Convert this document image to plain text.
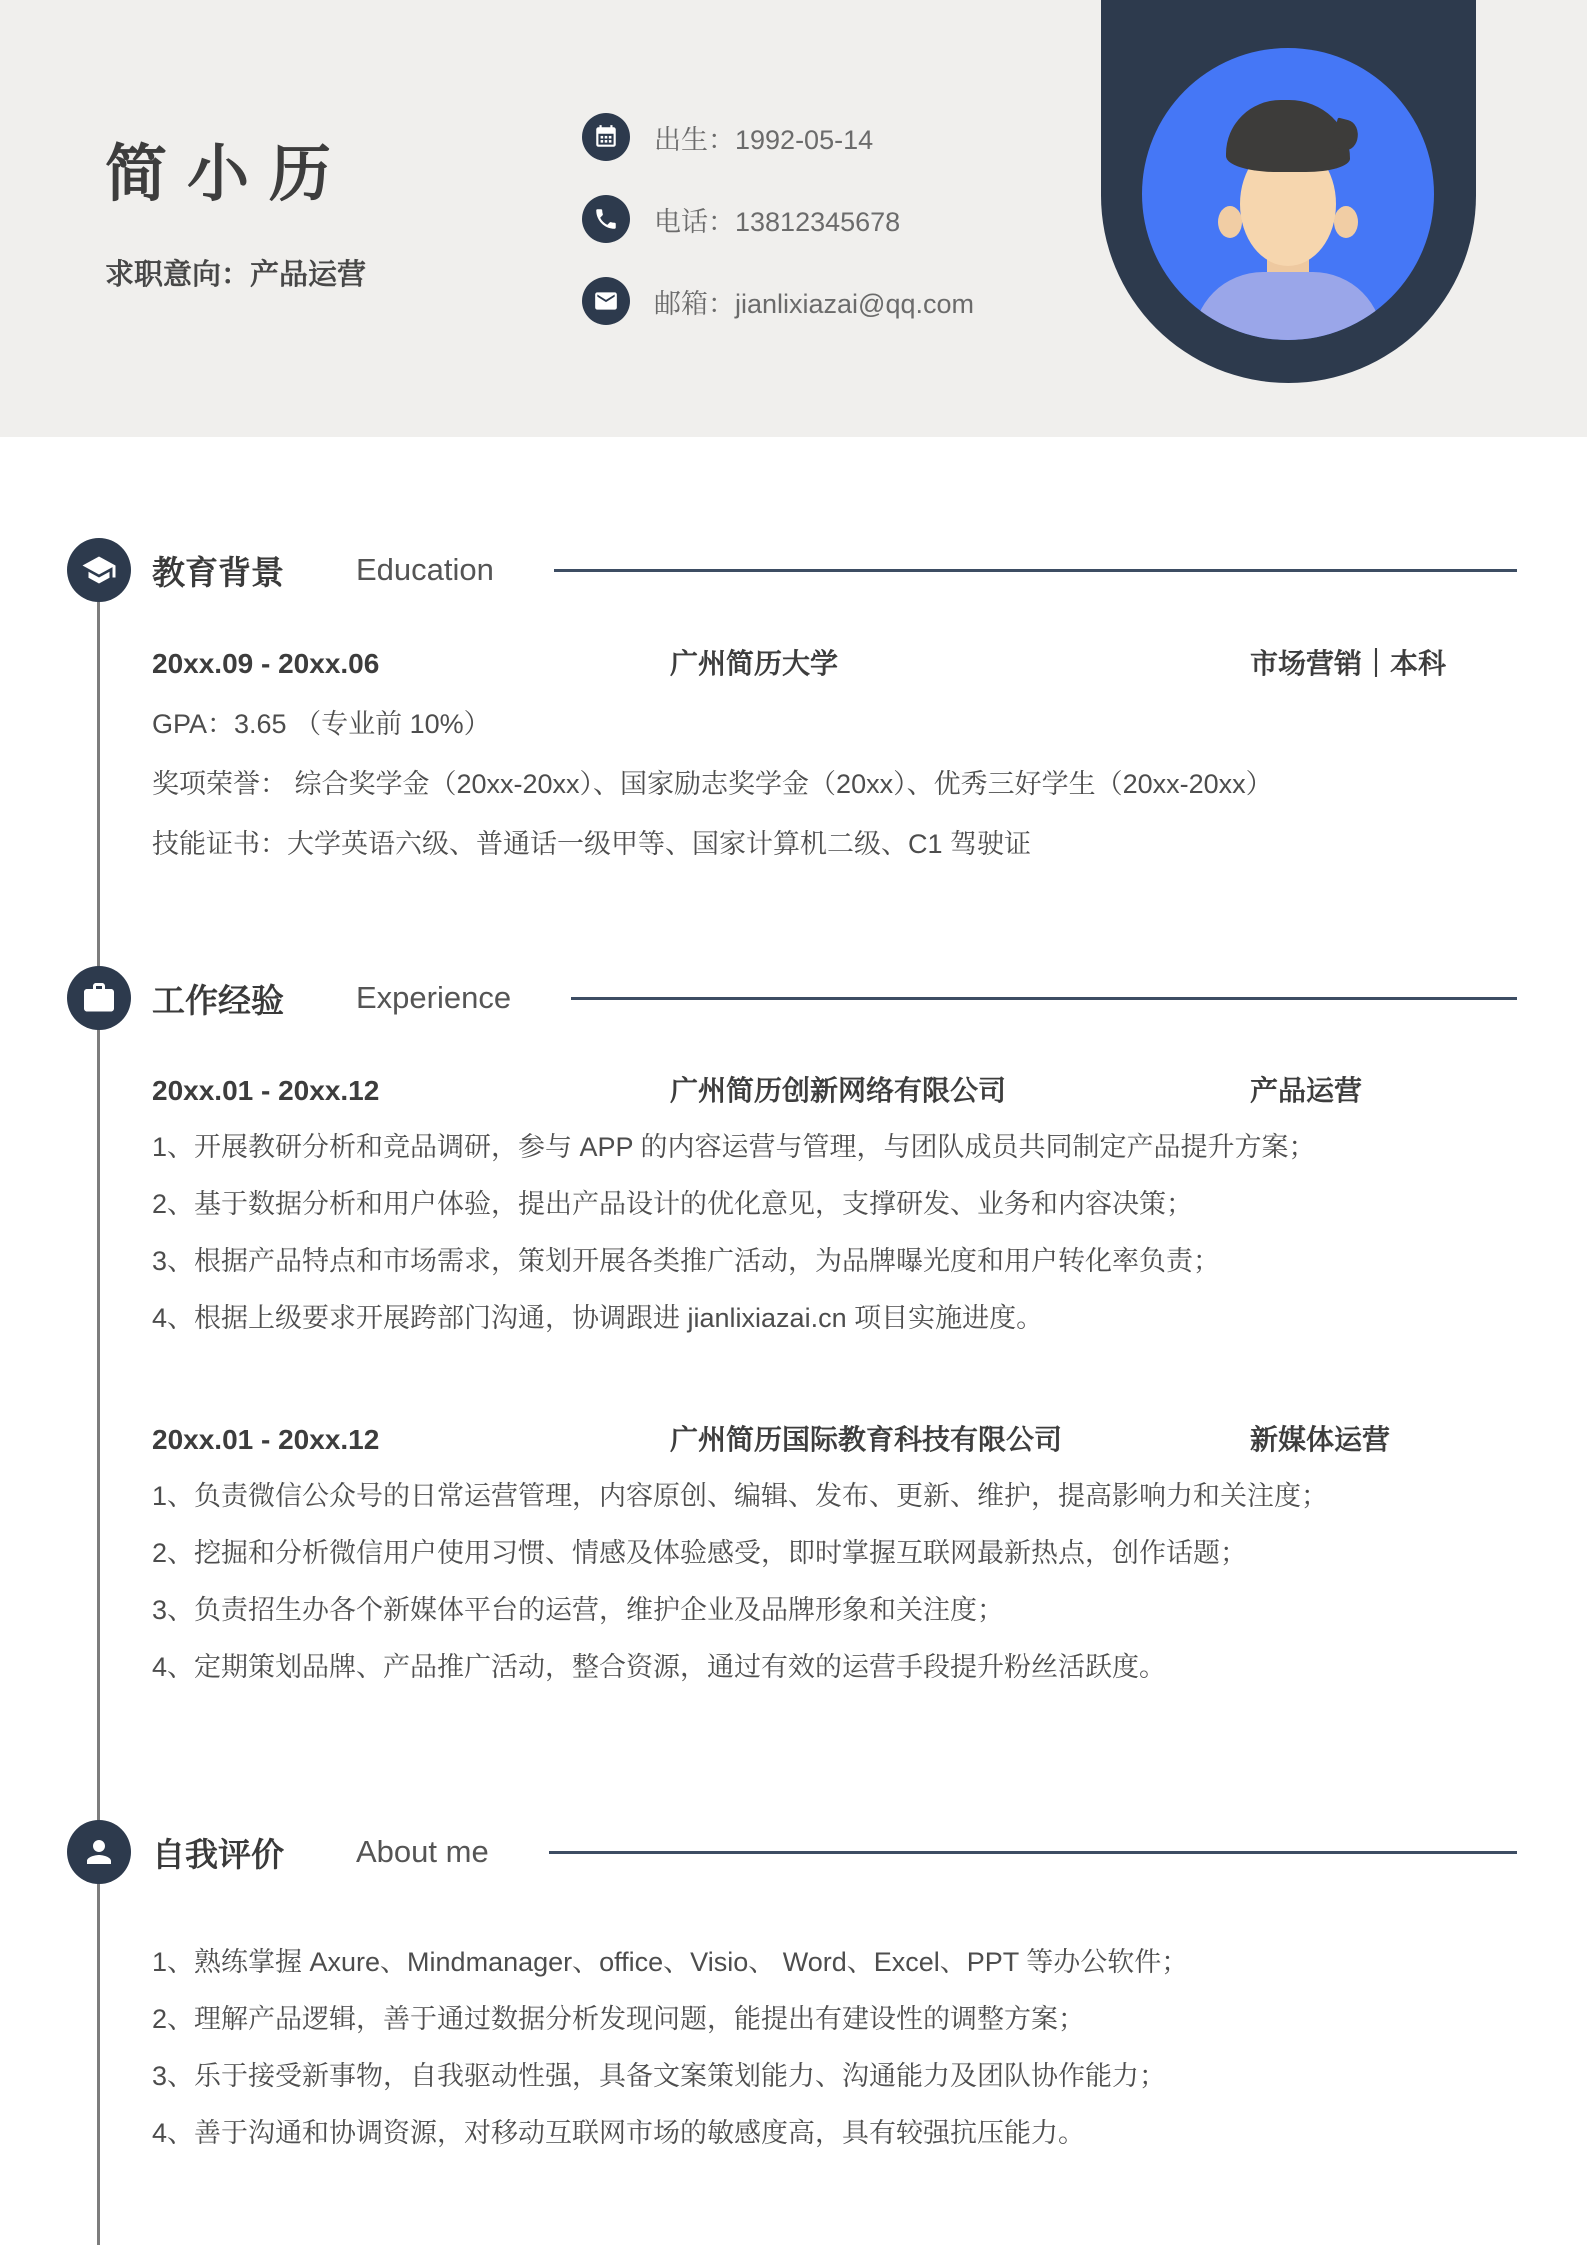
简小历
求职意向：产品运营
出生：1992-05-14
电话：13812345678
邮箱：jianlixiazai@qq.com
教育背景 Education
20xx.09 - 20xx.06	广州简历大学	市场营销｜本科

GPA：3.65 （专业前 10%）

奖项荣誉： 综合奖学金（20xx-20xx）、国家励志奖学金（20xx）、优秀三好学生（20xx-20xx）

技能证书：大学英语六级、普通话一级甲等、国家计算机二级、C1 驾驶证

工作经验 Experience
20xx.01 - 20xx.12	广州简历创新网络有限公司	产品运营

1、开展教研分析和竞品调研，参与 APP 的内容运营与管理，与团队成员共同制定产品提升方案；

2、基于数据分析和用户体验，提出产品设计的优化意见，支撑研发、业务和内容决策；

3、根据产品特点和市场需求，策划开展各类推广活动，为品牌曝光度和用户转化率负责；

4、根据上级要求开展跨部门沟通，协调跟进 jianlixiazai.cn 项目实施进度。

20xx.01 - 20xx.12	广州简历国际教育科技有限公司	新媒体运营

1、负责微信公众号的日常运营管理，内容原创、编辑、发布、更新、维护，提高影响力和关注度；

2、挖掘和分析微信用户使用习惯、情感及体验感受，即时掌握互联网最新热点，创作话题；

3、负责招生办各个新媒体平台的运营，维护企业及品牌形象和关注度；

4、定期策划品牌、产品推广活动，整合资源，通过有效的运营手段提升粉丝活跃度。

自我评价 About me

1、熟练掌握 Axure、Mindmanager、office、Visio、 Word、Excel、PPT 等办公软件；

2、理解产品逻辑，善于通过数据分析发现问题，能提出有建设性的调整方案；

3、乐于接受新事物，自我驱动性强，具备文案策划能力、沟通能力及团队协作能力；

4、善于沟通和协调资源，对移动互联网市场的敏感度高，具有较强抗压能力。
